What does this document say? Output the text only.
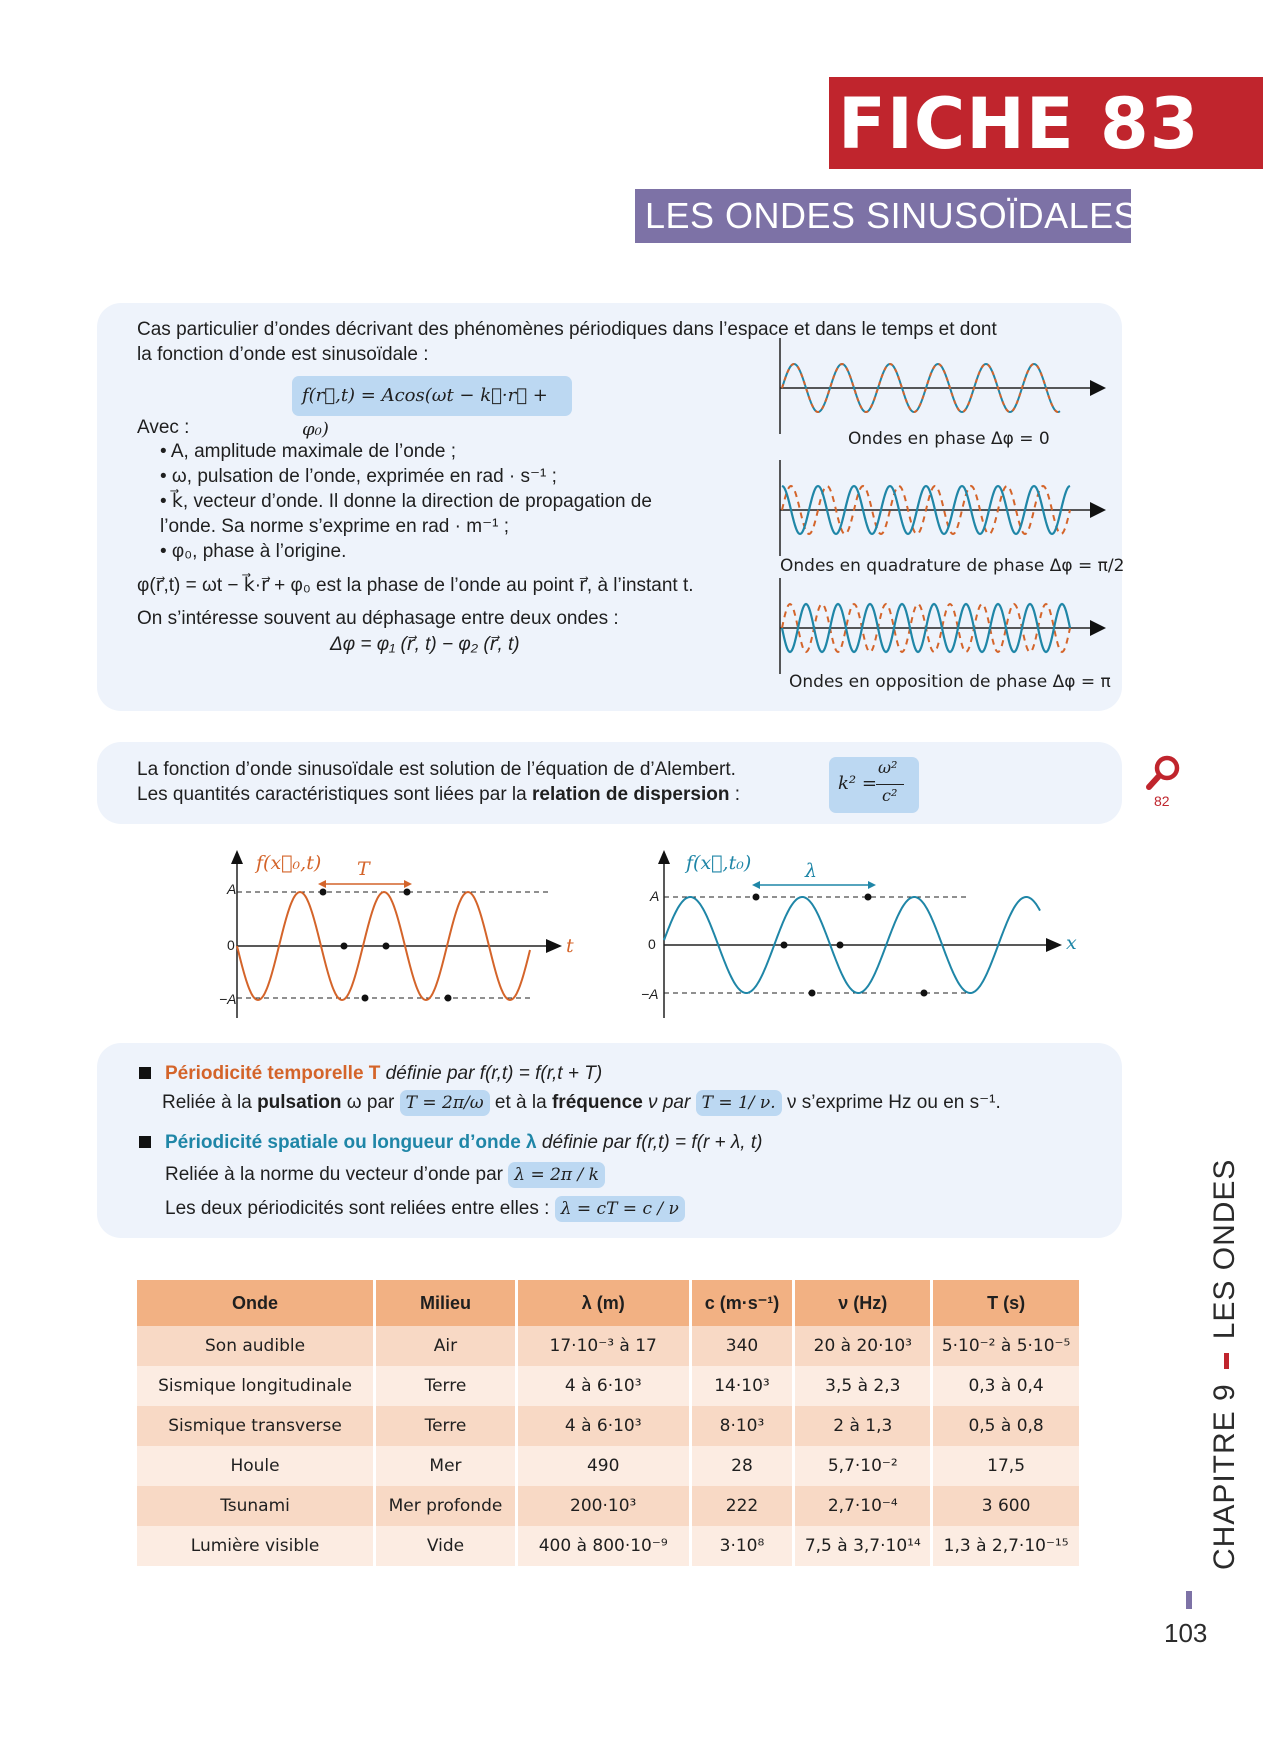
FICHE 83
LES ONDES SINUSOÏDALES
Cas particulier d’ondes décrivant des phénomènes périodiques dans l’espace et dans le temps et dont
la fonction d’onde est sinusoïdale :
f(r⃗,t) = Acos(ωt − k⃗·r⃗ + φ₀)
Avec :
• A, amplitude maximale de l’onde ;
• ω, pulsation de l’onde, exprimée en rad · s⁻¹ ;
• k⃗, vecteur d’onde. Il donne la direction de propagation de
l’onde. Sa norme s’exprime en rad · m⁻¹ ;
• φ₀, phase à l’origine.
φ(r⃗,t) = ωt − k⃗·r⃗ + φ₀ est la phase de l’onde au point r⃗, à l’instant t.
On s’intéresse souvent au déphasage entre deux ondes :
Δφ = φ₁ (r⃗, t) − φ₂ (r⃗, t)
Ondes en phase Δφ = 0
Ondes en quadrature de phase Δφ = π/2
Ondes en opposition de phase Δφ = π
La fonction d’onde sinusoïdale est solution de l’équation de d’Alembert.
Les quantités caractéristiques sont liées par la relation de dispersion :
k² =
ω²
c²	82
f(x⃗₀,t) T
A
0
−A
t
f(x⃗,t₀)	λ
A
0
−A
x
Périodicité temporelle T définie par f(r,t) = f(r,t + T)
Reliée à la pulsation ω par T = 2π/ω et à la fréquence ν par T = 1/ ν. ν s’exprime Hz ou en s⁻¹.
Périodicité spatiale ou longueur d’onde λ définie par f(r,t) = f(r + λ, t)
Reliée à la norme du vecteur d’onde par λ = 2π / k
Les deux périodicités sont reliées entre elles : λ = cT = c / ν
Onde	Milieu	λ (m)	c (m·s⁻¹)	ν (Hz)	T (s)
Son audible	Air	17·10⁻³ à 17	340	20 à 20·10³	5·10⁻² à 5·10⁻⁵
Sismique longitudinale	Terre	4 à 6·10³	14·10³	3,5 à 2,3	0,3 à 0,4
Sismique transverse	Terre	4 à 6·10³	8·10³	2 à 1,3	0,5 à 0,8
Houle	Mer	490	28	5,7·10⁻²	17,5
Tsunami	Mer profonde	200·10³	222	2,7·10⁻⁴	3 600
Lumière visible	Vide	400 à 800·10⁻⁹	3·10⁸	7,5 à 3,7·10¹⁴	1,3 à 2,7·10⁻¹⁵	CHAPITRE 9LES ONDES
103
